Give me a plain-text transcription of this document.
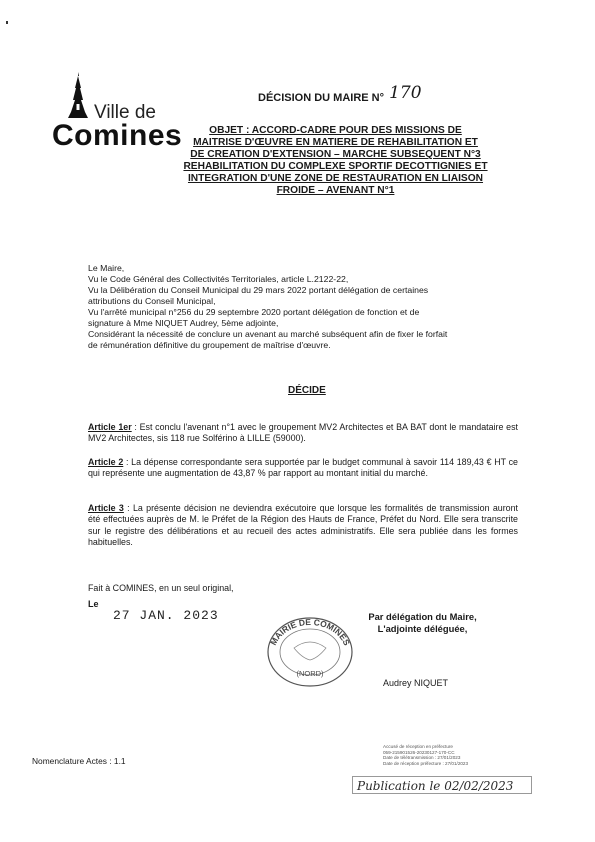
Ville de
Comines
DÉCISION DU MAIRE N° 170
OBJET : ACCORD-CADRE POUR DES MISSIONS DE
MAITRISE D'ŒUVRE EN MATIERE DE REHABILITATION ET
DE CREATION D'EXTENSION – MARCHE SUBSEQUENT N°3
REHABILITATION DU COMPLEXE SPORTIF DECOTTIGNIES ET
INTEGRATION D'UNE ZONE DE RESTAURATION EN LIAISON
FROIDE – AVENANT N°1
Le Maire,
Vu le Code Général des Collectivités Territoriales, article L.2122-22,
Vu la Délibération du Conseil Municipal du 29 mars 2022 portant délégation de certaines
attributions du Conseil Municipal,
Vu l'arrêté municipal n°256 du 29 septembre 2020 portant délégation de fonction et de
signature à Mme NIQUET Audrey, 5ème adjointe,
Considérant la nécessité de conclure un avenant au marché subséquent afin de fixer le forfait
de rémunération définitive du groupement de maîtrise d'œuvre.
DÉCIDE
Article 1er : Est conclu l'avenant n°1 avec le groupement MV2 Architectes et BA BAT dont le mandataire est MV2 Architectes, sis 118 rue Solférino à LILLE (59000).
Article 2 : La dépense correspondante sera supportée par le budget communal à savoir 114 189,43 € HT ce qui représente une augmentation de 43,87 % par rapport au montant initial du marché.
Article 3 : La présente décision ne deviendra exécutoire que lorsque les formalités de transmission auront été effectuées auprès de M. le Préfet de la Région des Hauts de France, Préfet du Nord. Elle sera transcrite sur le registre des délibérations et au recueil des actes administratifs. Elle sera publiée dans les formes habituelles.
Fait à COMINES, en un seul original,
Le
27 JAN. 2023	Par délégation du Maire,
L'adjointe déléguée,
MAIRIE DE COMINES
(NORD)
Audrey NIQUET
Nomenclature Actes : 1.1
Accusé de réception en préfecture
059-215901526-20230127-170-CC
Date de télétransmission : 27/01/2023
Date de réception préfecture : 27/01/2023
Publication le 02/02/2023
